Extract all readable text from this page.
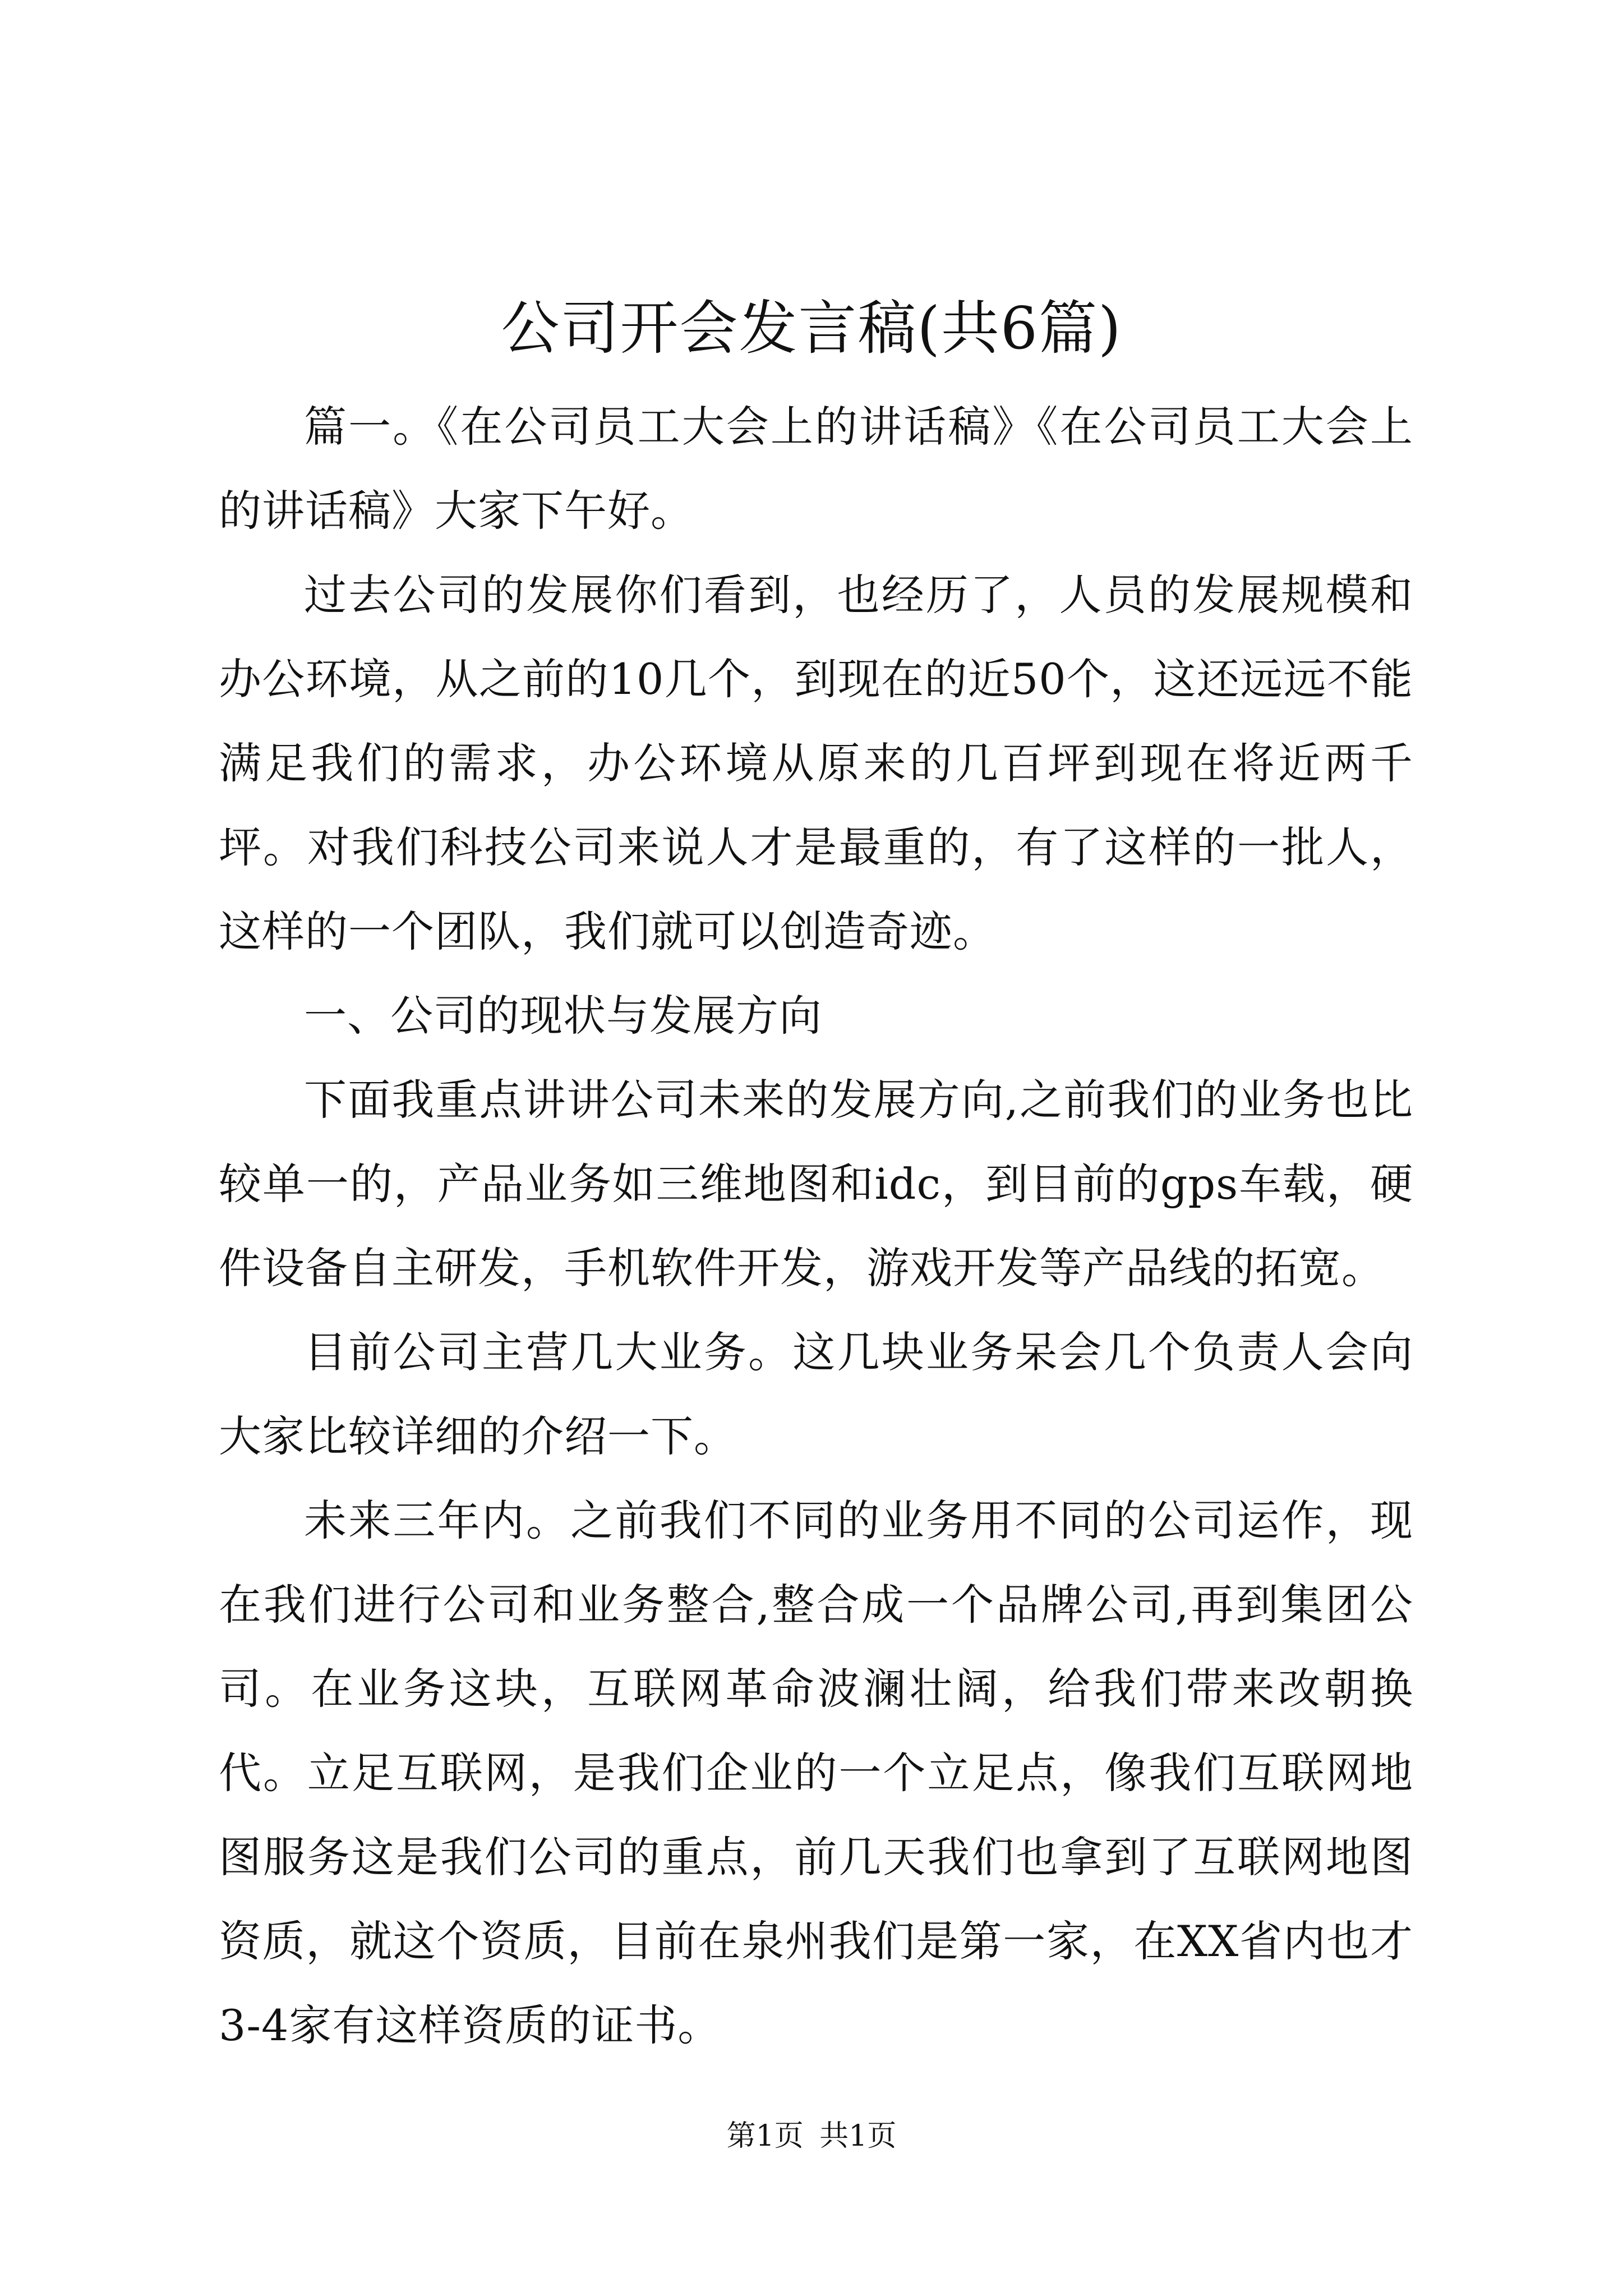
公司开会发言稿(共6篇)

篇一。《在公司员工大会上的讲话稿》《在公司员工大会上的讲话稿》大家下午好。

过去公司的发展你们看到，也经历了，人员的发展规模和办公环境，从之前的10几个，到现在的近50个，这还远远不能满足我们的需求，办公环境从原来的几百坪到现在将近两千坪。对我们科技公司来说人才是最重的，有了这样的一批人，这样的一个团队，我们就可以创造奇迹。

一、公司的现状与发展方向

下面我重点讲讲公司未来的发展方向,之前我们的业务也比较单一的，产品业务如三维地图和idc，到目前的gps车载，硬件设备自主研发，手机软件开发，游戏开发等产品线的拓宽。

目前公司主营几大业务。这几块业务呆会几个负责人会向大家比较详细的介绍一下。

未来三年内。之前我们不同的业务用不同的公司运作，现在我们进行公司和业务整合,整合成一个品牌公司,再到集团公司。在业务这块，互联网革命波澜壮阔，给我们带来改朝换代。立足互联网，是我们企业的一个立足点，像我们互联网地图服务这是我们公司的重点，前几天我们也拿到了互联网地图资质，就这个资质，目前在泉州我们是第一家，在XX省内也才3-4家有这样资质的证书。

第1页 共1页
